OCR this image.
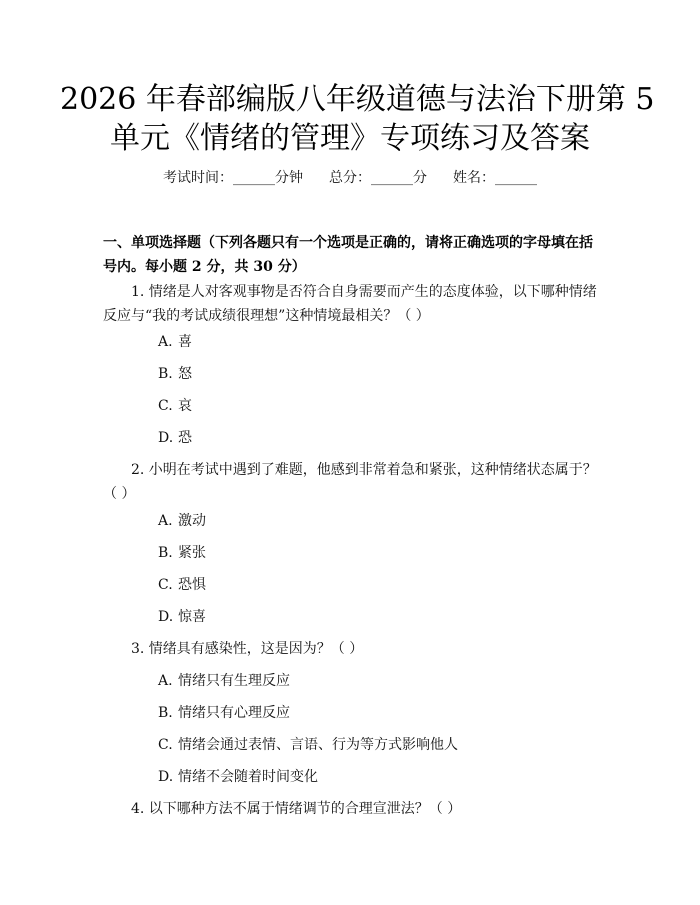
2026 年春部编版八年级道德与法治下册第 5
单元《情绪的管理》专项练习及答案
考试时间：______分钟 总分：______分 姓名：______
一、单项选择题（下列各题只有一个选项是正确的，请将正确选项的字母填在括号内。每小题 2 分，共 30 分）
1. 情绪是人对客观事物是否符合自身需要而产生的态度体验，以下哪种情绪反应与“我的考试成绩很理想”这种情境最相关？（ ）
A. 喜
B. 怒
C. 哀
D. 恐
2. 小明在考试中遇到了难题，他感到非常着急和紧张，这种情绪状态属于？（ ）
A. 激动
B. 紧张
C. 恐惧
D. 惊喜
3. 情绪具有感染性，这是因为？（ ）
A. 情绪只有生理反应
B. 情绪只有心理反应
C. 情绪会通过表情、言语、行为等方式影响他人
D. 情绪不会随着时间变化
4. 以下哪种方法不属于情绪调节的合理宣泄法？（ ）
